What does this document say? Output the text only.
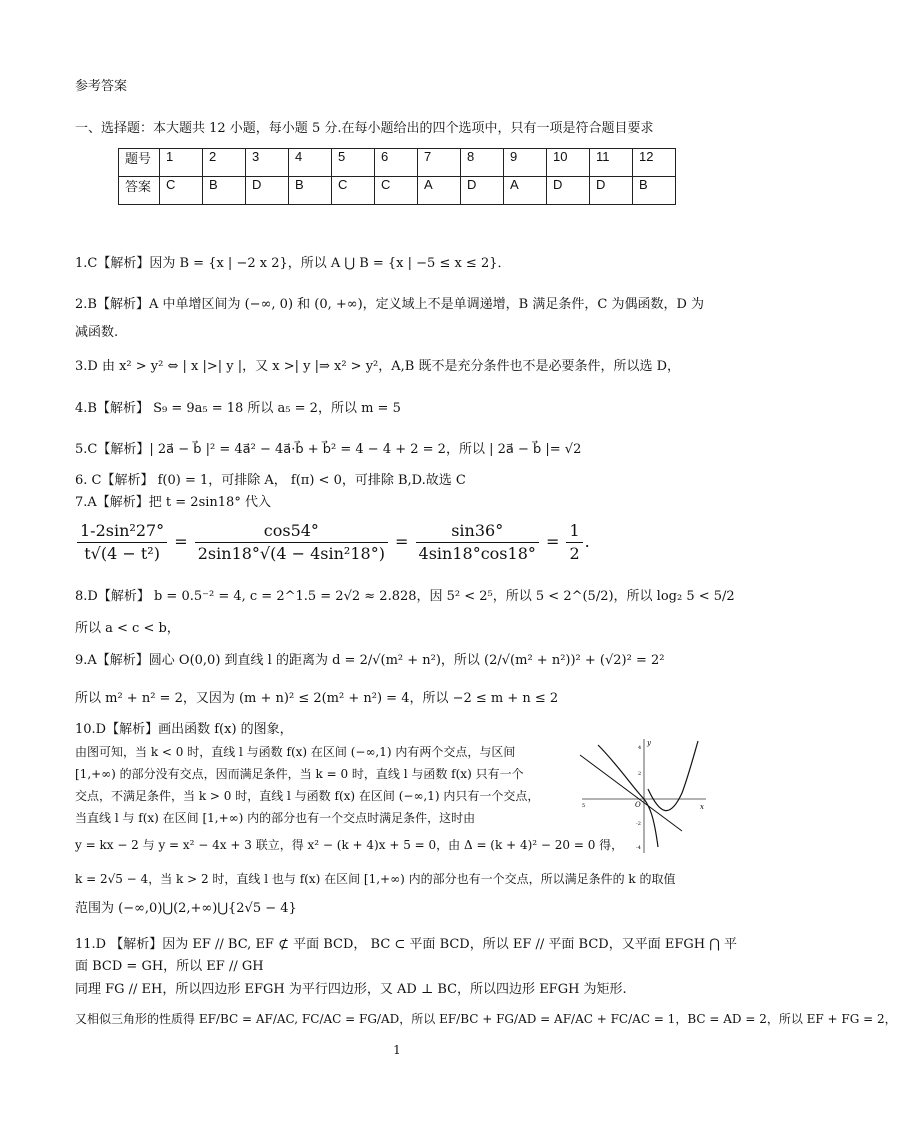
参考答案
一、选择题：本大题共 12 小题，每小题 5 分.在每小题给出的四个选项中，只有一项是符合题目要求
题号	1	2	3	4	5	6	7	8	9	10	11	12
答案	C	B	D	B	C	C	A	D	A	D	D	B
1.C【解析】因为 B = {x | −2 x 2}，所以 A ⋃ B = {x | −5 ≤ x ≤ 2}．
2.B【解析】A 中单增区间为 (−∞, 0) 和 (0, +∞)，定义域上不是单调递增，B 满足条件，C 为偶函数，D 为
减函数.
3.D 由 x² > y² ⇔ | x |>| y |，又 x >| y |⇒ x² > y²，A,B 既不是充分条件也不是必要条件，所以选 D，
4.B【解析】 S₉ = 9a₅ = 18 所以 a₅ = 2，所以 m = 5
5.C【解析】| 2a⃗ − b⃗ |² = 4a⃗² − 4a⃗·b⃗ + b⃗² = 4 − 4 + 2 = 2，所以 | 2a⃗ − b⃗ |= √2
6. C【解析】 f(0) = 1，可排除 A， f(π) < 0，可排除 B,D.故选 C
7.A【解析】把 t = 2sin18° 代入
$\frac{\text{1-2sin²27°}}{\text{t√(4 − t²)}} = \frac{\cos 54^\circ}{\text{2sin18°√(4 − 4sin²18°)}} = \frac{\sin 36^\circ}{4\sin 18^\circ\cos 18^\circ} = \frac{1}{2}$ .
8.D【解析】 b = 0.5⁻² = 4, c = 2^1.5 = 2√2 ≈ 2.828，因 5² < 2⁵，所以 5 < 2^(5/2)，所以 log₂ 5 < 5/2
所以 a < c < b，
9.A【解析】圆心 O(0,0) 到直线 l 的距离为 d = 2/√(m² + n²)，所以 (2/√(m² + n²))² + (√2)² = 2²
所以 m² + n² = 2，又因为 (m + n)² ≤ 2(m² + n²) = 4，所以 −2 ≤ m + n ≤ 2
10.D【解析】画出函数 f(x) 的图象，
由图可知，当 k < 0 时，直线 l 与函数 f(x) 在区间 (−∞,1) 内有两个交点，与区间
[1,+∞) 的部分没有交点，因而满足条件，当 k = 0 时，直线 l 与函数 f(x) 只有一个
交点，不满足条件，当 k > 0 时，直线 l 与函数 f(x) 在区间 (−∞,1) 内只有一个交点，
当直线 l 与 f(x) 在区间 [1,+∞) 内的部分也有一个交点时满足条件，这时由
y = kx − 2 与 y = x² − 4x + 3 联立，得 x² − (k + 4)x + 5 = 0，由 Δ = (k + 4)² − 20 = 0 得，
k = 2√5 − 4，当 k > 2 时，直线 l 也与 f(x) 在区间 [1,+∞) 内的部分也有一个交点，所以满足条件的 k 的取值
范围为 (−∞,0)⋃(2,+∞)⋃{2√5 − 4}
x
y
O
4
2
-2
-4
5
11.D 【解析】因为 EF // BC, EF ⊄ 平面 BCD， BC ⊂ 平面 BCD，所以 EF // 平面 BCD，又平面 EFGH ⋂ 平
面 BCD = GH，所以 EF // GH
同理 FG // EH，所以四边形 EFGH 为平行四边形，又 AD ⊥ BC，所以四边形 EFGH 为矩形.
又相似三角形的性质得 EF/BC = AF/AC, FC/AC = FG/AD，所以 EF/BC + FG/AD = AF/AC + FC/AC = 1，BC = AD = 2，所以 EF + FG = 2，
1
